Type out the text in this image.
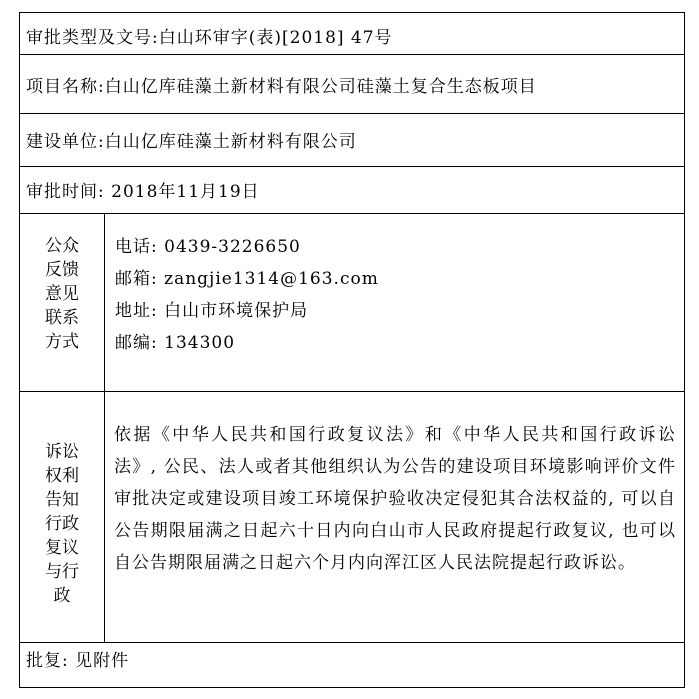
审批类型及文号:白山环审字(表)[2018] 47号
项目名称:白山亿库硅藻土新材料有限公司硅藻土复合生态板项目
建设单位:白山亿库硅藻土新材料有限公司
审批时间: 2018年11月19日
公众反馈意见联系方式
电话: 0439-3226650
邮箱: zangjie1314@163.com
地址: 白山市环境保护局
邮编: 134300
诉讼权利告知行政复议与行政
依据《中华人民共和国行政复议法》和《中华人民共和国行政诉讼法》, 公民、法人或者其他组织认为公告的建设项目环境影响评价文件审批决定或建设项目竣工环境保护验收决定侵犯其合法权益的, 可以自公告期限届满之日起六十日内向白山市人民政府提起行政复议, 也可以自公告期限届满之日起六个月内向浑江区人民法院提起行政诉讼。
批复: 见附件
